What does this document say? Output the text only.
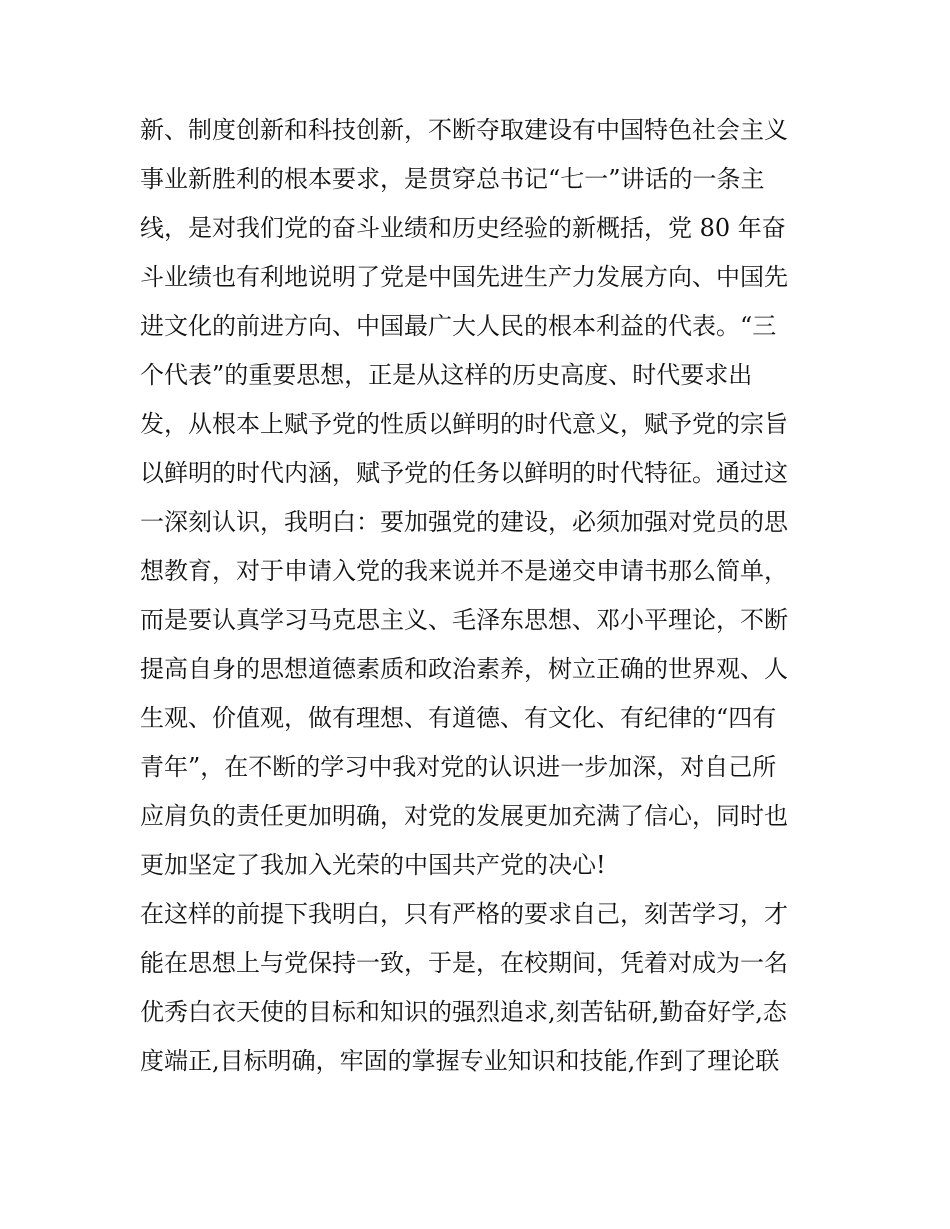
新、制度创新和科技创新，不断夺取建设有中国特色社会主义
事业新胜利的根本要求，是贯穿总书记“七一”讲话的一条主
线，是对我们党的奋斗业绩和历史经验的新概括，党 80 年奋
斗业绩也有利地说明了党是中国先进生产力发展方向、中国先
进文化的前进方向、中国最广大人民的根本利益的代表。“三
个代表”的重要思想，正是从这样的历史高度、时代要求出
发，从根本上赋予党的性质以鲜明的时代意义，赋予党的宗旨
以鲜明的时代内涵，赋予党的任务以鲜明的时代特征。通过这
一深刻认识，我明白：要加强党的建设，必须加强对党员的思
想教育，对于申请入党的我来说并不是递交申请书那么简单，
而是要认真学习马克思主义、毛泽东思想、邓小平理论，不断
提高自身的思想道德素质和政治素养，树立正确的世界观、人
生观、价值观，做有理想、有道德、有文化、有纪律的“四有
青年”，在不断的学习中我对党的认识进一步加深，对自己所
应肩负的责任更加明确，对党的发展更加充满了信心，同时也
更加坚定了我加入光荣的中国共产党的决心!
在这样的前提下我明白，只有严格的要求自己，刻苦学习，才
能在思想上与党保持一致，于是，在校期间，凭着对成为一名
优秀白衣天使的目标和知识的强烈追求,刻苦钻研,勤奋好学,态
度端正,目标明确，牢固的掌握专业知识和技能,作到了理论联
